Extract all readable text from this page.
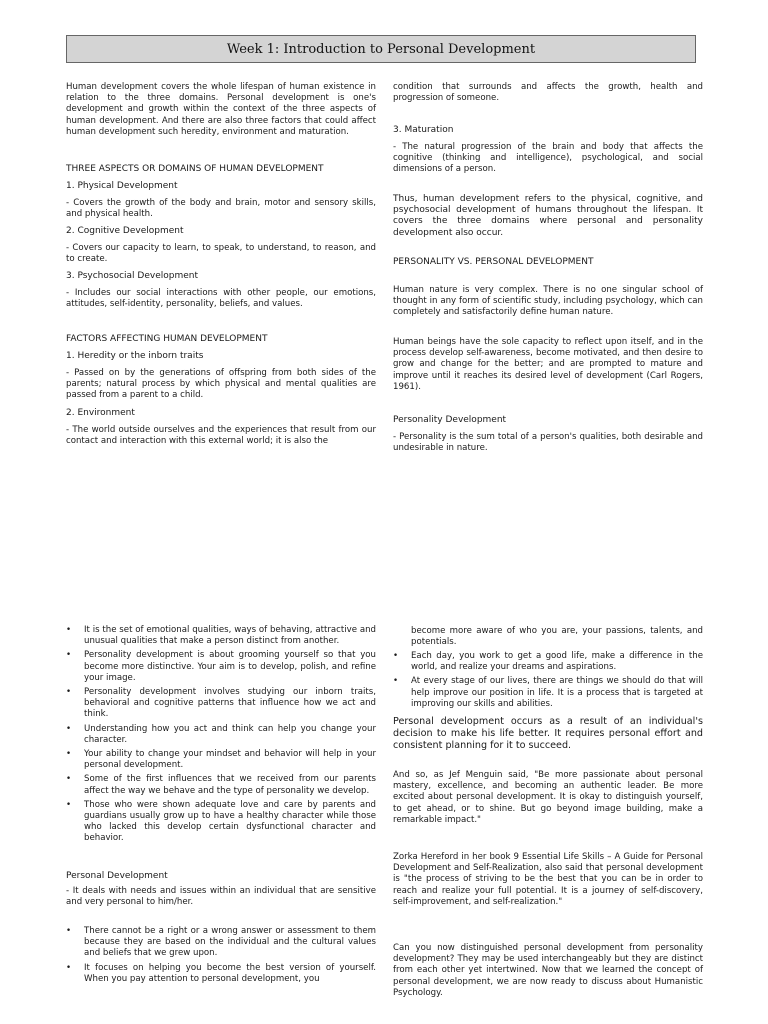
Week 1: Introduction to Personal Development

Human development covers the whole lifespan of human existence in relation to the three domains. Personal development is one's development and growth within the context of the three aspects of human development. And there are also three factors that could affect human development such heredity, environment and maturation.

THREE ASPECTS OR DOMAINS OF HUMAN DEVELOPMENT
1. Physical Development

- Covers the growth of the body and brain, motor and sensory skills, and physical health.

2. Cognitive Development

- Covers our capacity to learn, to speak, to understand, to reason, and to create.

3. Psychosocial Development

- Includes our social interactions with other people, our emotions, attitudes, self-identity, personality, beliefs, and values.

FACTORS AFFECTING HUMAN DEVELOPMENT
1. Heredity or the inborn traits

- Passed on by the generations of offspring from both sides of the parents; natural process by which physical and mental qualities are passed from a parent to a child.

2. Environment

- The world outside ourselves and the experiences that result from our contact and interaction with this external world; it is also the

condition that surrounds and affects the growth, health and progression of someone.

3. Maturation

- The natural progression of the brain and body that affects the cognitive (thinking and intelligence), psychological, and social dimensions of a person.

Thus, human development refers to the physical, cognitive, and psychosocial development of humans throughout the lifespan. It covers the three domains where personal and personality development also occur.

PERSONALITY VS. PERSONAL DEVELOPMENT

Human nature is very complex. There is no one singular school of thought in any form of scientific study, including psychology, which can completely and satisfactorily define human nature.

Human beings have the sole capacity to reflect upon itself, and in the process develop self-awareness, become motivated, and then desire to grow and change for the better; and are prompted to mature and improve until it reaches its desired level of development (Carl Rogers, 1961).

Personality Development

- Personality is the sum total of a person's qualities, both desirable and undesirable in nature.

• It is the set of emotional qualities, ways of behaving, attractive and unusual qualities that make a person distinct from another.
• Personality development is about grooming yourself so that you become more distinctive. Your aim is to develop, polish, and refine your image.
• Personality development involves studying our inborn traits, behavioral and cognitive patterns that influence how we act and think.
• Understanding how you act and think can help you change your character.
• Your ability to change your mindset and behavior will help in your personal development.
• Some of the first influences that we received from our parents affect the way we behave and the type of personality we develop.
• Those who were shown adequate love and care by parents and guardians usually grow up to have a healthy character while those who lacked this develop certain dysfunctional character and behavior.
Personal Development

- It deals with needs and issues within an individual that are sensitive and very personal to him/her.

• There cannot be a right or a wrong answer or assessment to them because they are based on the individual and the cultural values and beliefs that we grew upon.
• It focuses on helping you become the best version of yourself. When you pay attention to personal development, you

become more aware of who you are, your passions, talents, and potentials.

• Each day, you work to get a good life, make a difference in the world, and realize your dreams and aspirations.
• At every stage of our lives, there are things we should do that will help improve our position in life. It is a process that is targeted at improving our skills and abilities.

Personal development occurs as a result of an individual's decision to make his life better. It requires personal effort and consistent planning for it to succeed.

And so, as Jef Menguin said, "Be more passionate about personal mastery, excellence, and becoming an authentic leader. Be more excited about personal development. It is okay to distinguish yourself, to get ahead, or to shine. But go beyond image building, make a remarkable impact."

Zorka Hereford in her book 9 Essential Life Skills – A Guide for Personal Development and Self-Realization, also said that personal development is "the process of striving to be the best that you can be in order to reach and realize your full potential. It is a journey of self-discovery, self-improvement, and self-realization."

Can you now distinguished personal development from personality development? They may be used interchangeably but they are distinct from each other yet intertwined. Now that we learned the concept of personal development, we are now ready to discuss about Humanistic Psychology.
